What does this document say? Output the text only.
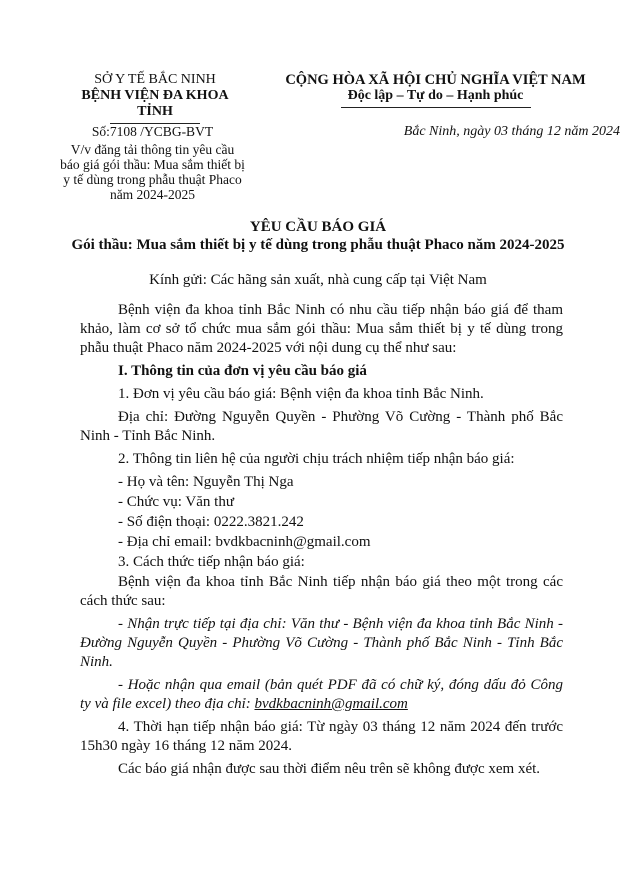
SỞ Y TẾ BẮC NINH
BỆNH VIỆN ĐA KHOA TỈNH
CỘNG HÒA XÃ HỘI CHỦ NGHĨA VIỆT NAM
Độc lập – Tự do – Hạnh phúc
Số:7108 /YCBG-BVT
V/v đăng tải thông tin yêu cầu báo giá gói thầu: Mua sắm thiết bị y tế dùng trong phẫu thuật Phaco năm 2024-2025
Bắc Ninh, ngày 03 tháng 12 năm 2024
YÊU CẦU BÁO GIÁ
Gói thầu: Mua sắm thiết bị y tế dùng trong phẫu thuật Phaco năm 2024-2025
Kính gửi: Các hãng sản xuất, nhà cung cấp tại Việt Nam

Bệnh viện đa khoa tỉnh Bắc Ninh có nhu cầu tiếp nhận báo giá để tham khảo, làm cơ sở tổ chức mua sắm gói thầu: Mua sắm thiết bị y tế dùng trong phẫu thuật Phaco năm 2024-2025 với nội dung cụ thể như sau:

I. Thông tin của đơn vị yêu cầu báo giá

1. Đơn vị yêu cầu báo giá: Bệnh viện đa khoa tỉnh Bắc Ninh.

Địa chỉ: Đường Nguyễn Quyền - Phường Võ Cường - Thành phố Bắc Ninh - Tỉnh Bắc Ninh.

2. Thông tin liên hệ của người chịu trách nhiệm tiếp nhận báo giá:

- Họ và tên: Nguyễn Thị Nga

- Chức vụ: Văn thư

- Số điện thoại: 0222.3821.242

- Địa chỉ email: bvdkbacninh@gmail.com

3. Cách thức tiếp nhận báo giá:

Bệnh viện đa khoa tỉnh Bắc Ninh tiếp nhận báo giá theo một trong các cách thức sau:

- Nhận trực tiếp tại địa chỉ: Văn thư - Bệnh viện đa khoa tỉnh Bắc Ninh - Đường Nguyễn Quyền - Phường Võ Cường - Thành phố Bắc Ninh - Tỉnh Bắc Ninh.

- Hoặc nhận qua email (bản quét PDF đã có chữ ký, đóng dấu đỏ Công ty và file excel) theo địa chỉ: bvdkbacninh@gmail.com

4. Thời hạn tiếp nhận báo giá: Từ ngày 03 tháng 12 năm 2024 đến trước 15h30 ngày 16 tháng 12 năm 2024.

Các báo giá nhận được sau thời điểm nêu trên sẽ không được xem xét.
